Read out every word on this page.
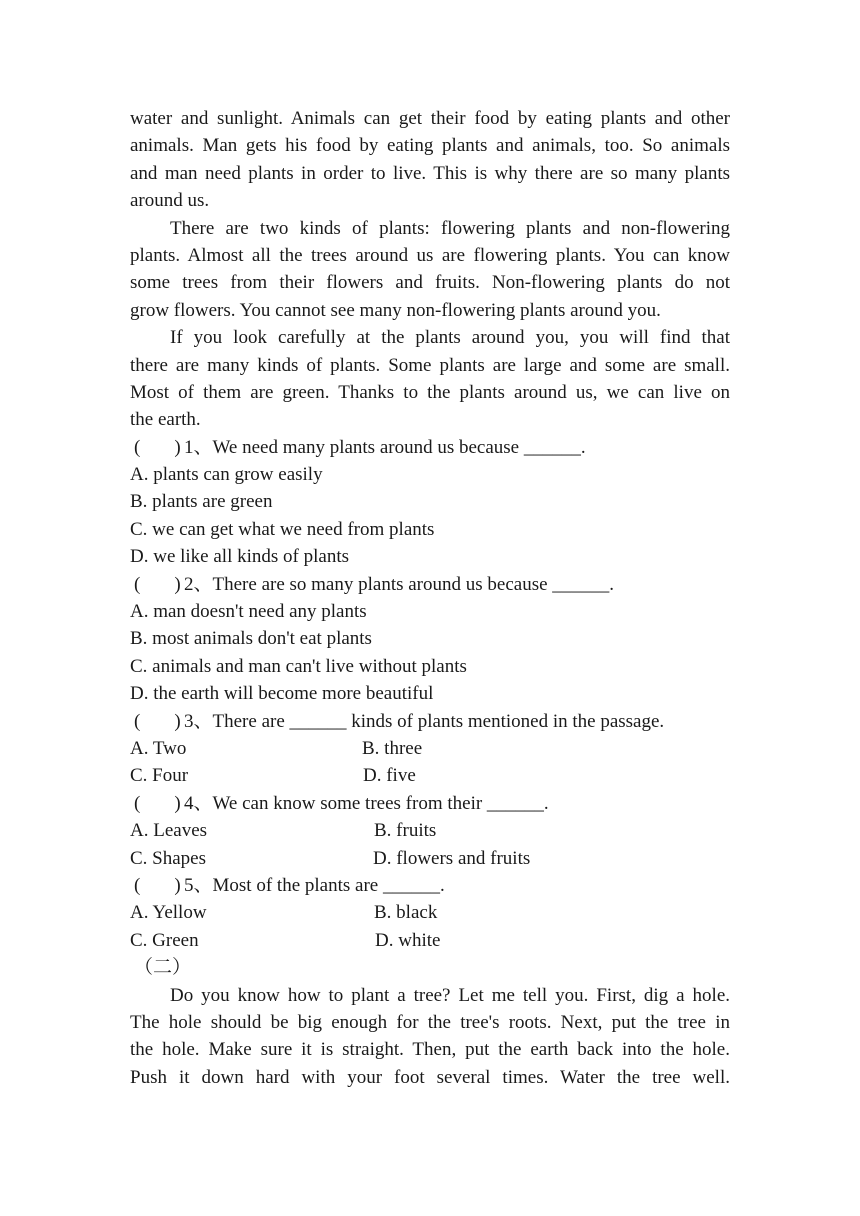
water and sunlight. Animals can get their food by eating plants and other
animals. Man gets his food by eating plants and animals, too. So animals
and man need plants in order to live. This is why there are so many plants
around us.
There are two kinds of plants: flowering plants and non-flowering
plants. Almost all the trees around us are flowering plants. You can know
some trees from their flowers and fruits. Non-flowering plants do not
grow flowers. You cannot see many non-flowering plants around you.
If you look carefully at the plants around you, you will find that
there are many kinds of plants. Some plants are large and some are small.
Most of them are green. Thanks to the plants around us, we can live on
the earth.
( ) 1、We need many plants around us because ______.
A. plants can grow easily
B. plants are green
C. we can get what we need from plants
D. we like all kinds of plants
( ) 2、There are so many plants around us because ______.
A. man doesn't need any plants
B. most animals don't eat plants
C. animals and man can't live without plants
D. the earth will become more beautiful
( ) 3、There are ______ kinds of plants mentioned in the passage.
A. Two	B. three
C. Four	D. five
( ) 4、We can know some trees from their ______.
A. Leaves	B. fruits
C. Shapes	D. flowers and fruits
( ) 5、Most of the plants are ______.
A. Yellow	B. black
C. Green	D. white
（二）
Do you know how to plant a tree? Let me tell you. First, dig a hole.
The hole should be big enough for the tree's roots. Next, put the tree in
the hole. Make sure it is straight. Then, put the earth back into the hole.
Push it down hard with your foot several times. Water the tree well.
